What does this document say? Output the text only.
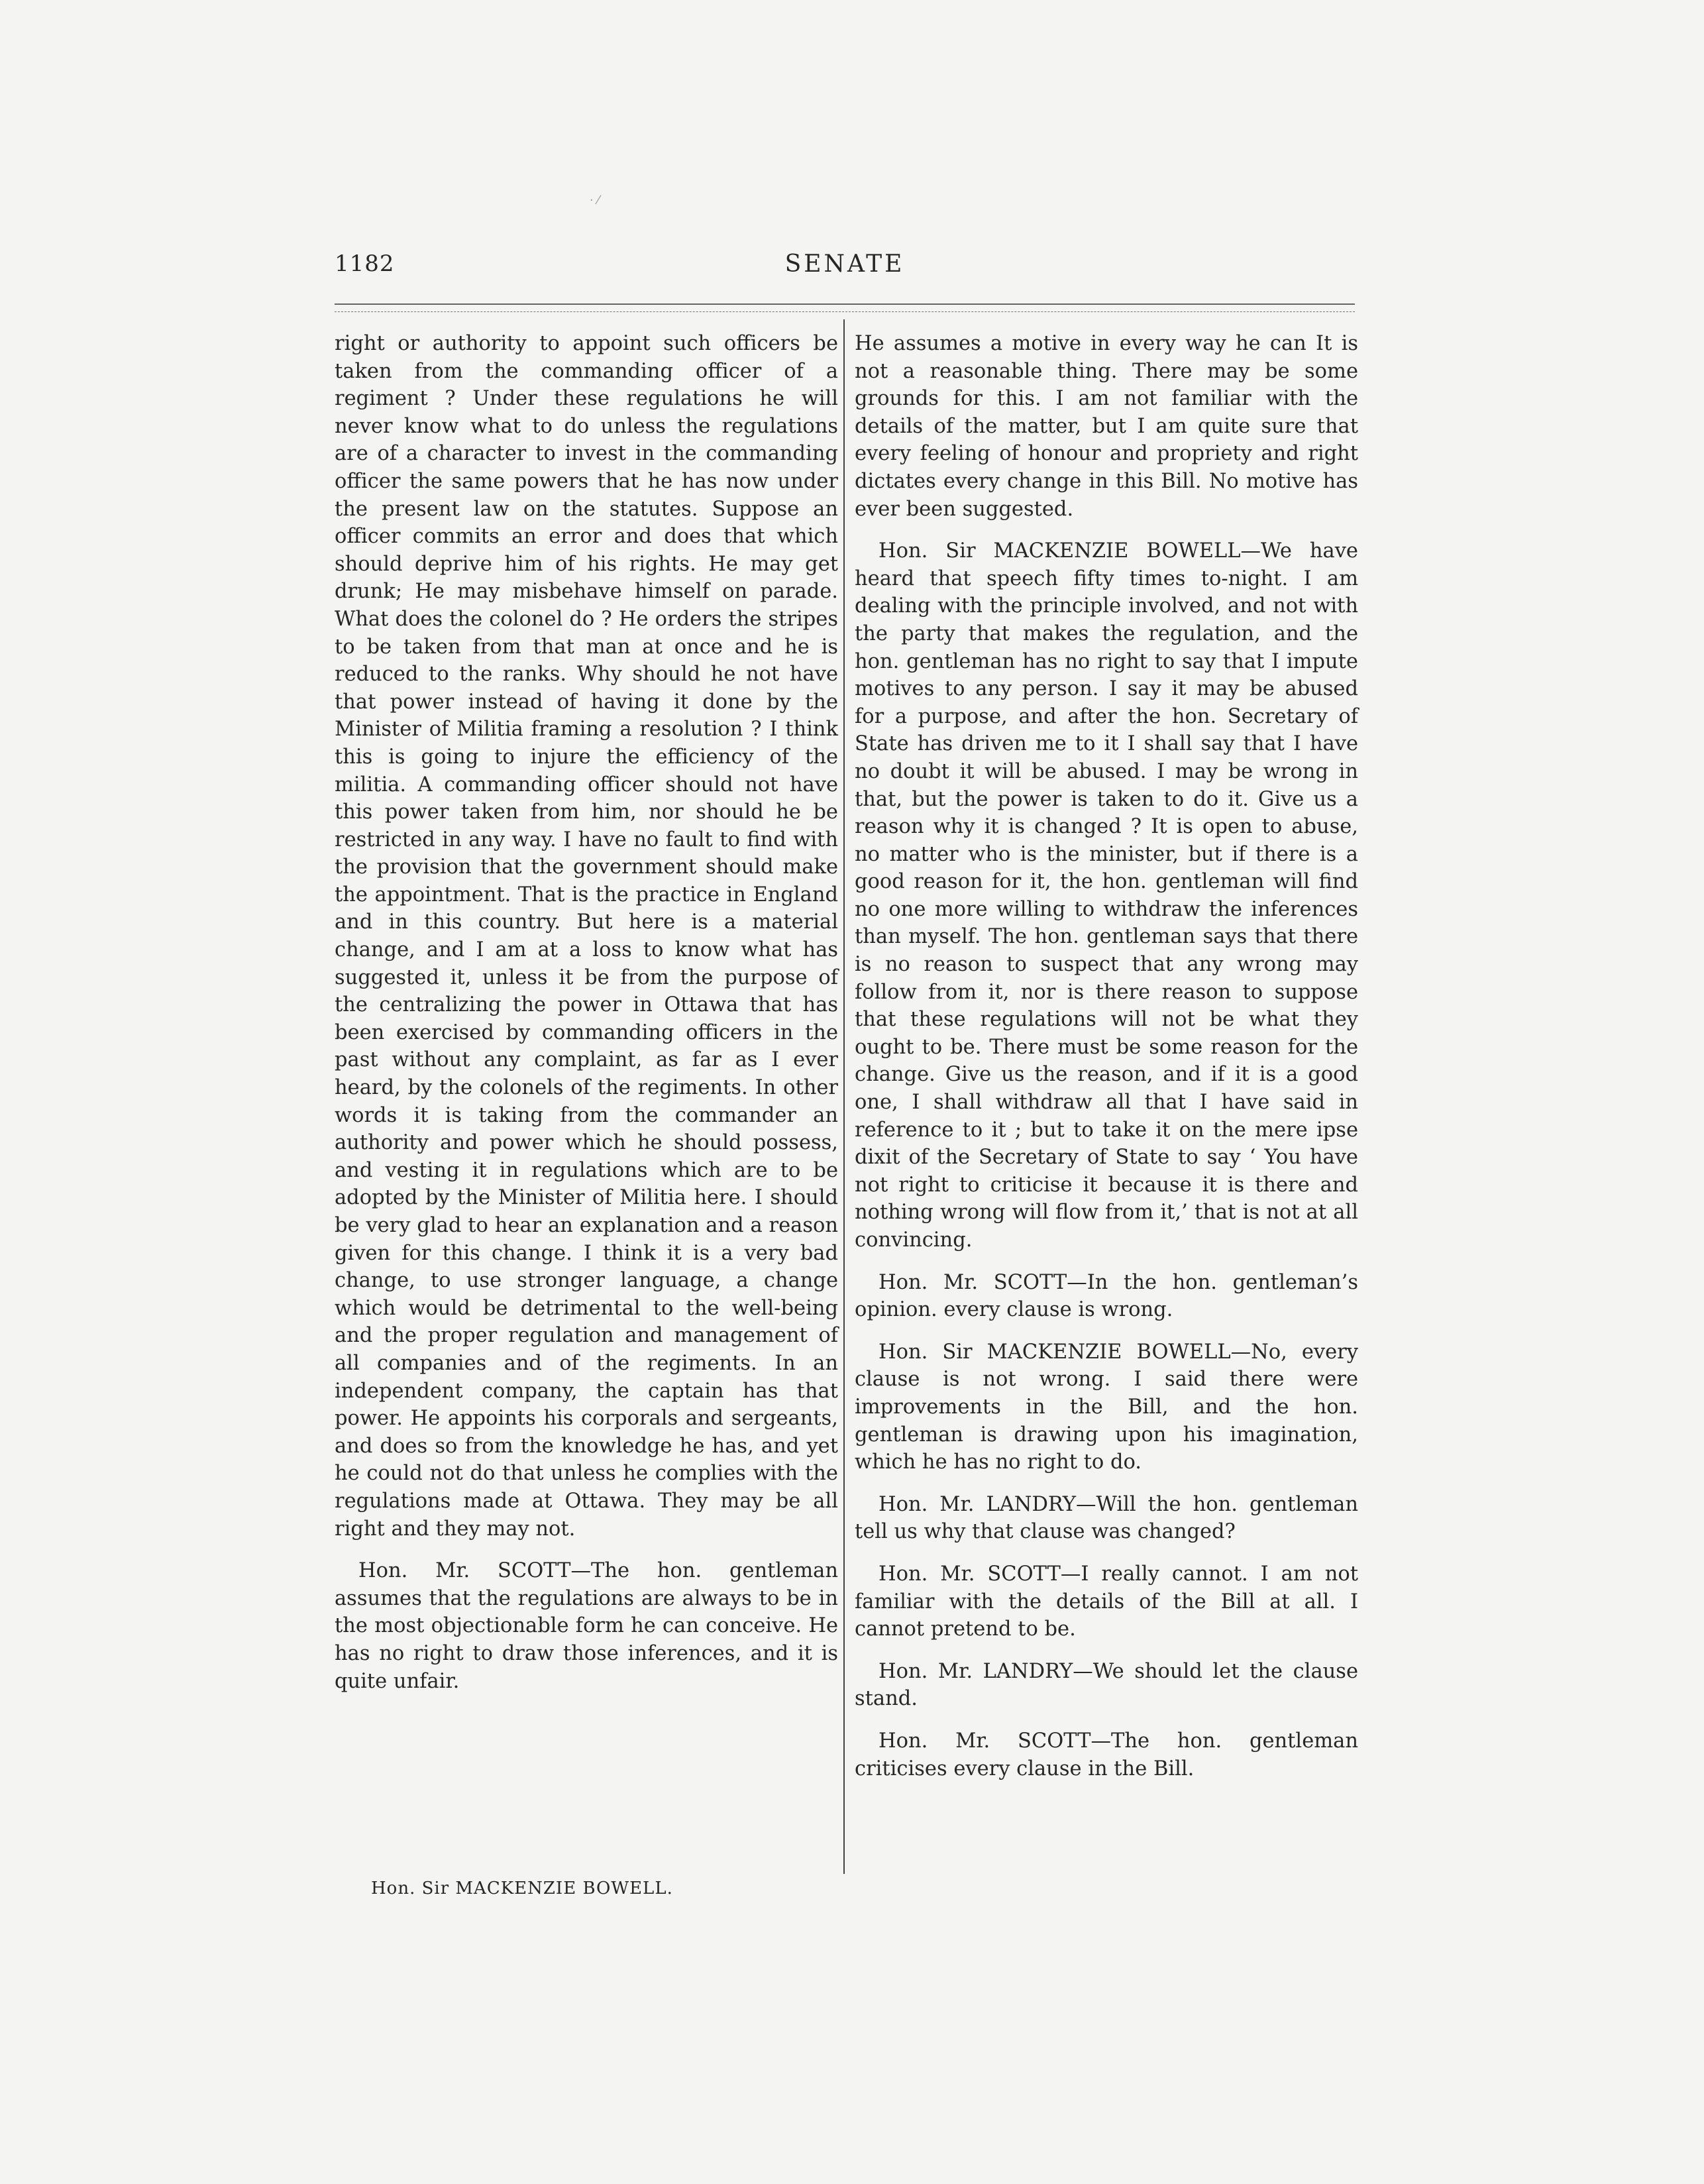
· ⁄
1182	SENATE

right or authority to appoint such officers be taken from the commanding officer of a regiment ? Under these regulations he will never know what to do unless the regulations are of a character to invest in the commanding officer the same powers that he has now under the present law on the statutes. Suppose an officer commits an error and does that which should deprive him of his rights. He may get drunk; He may misbehave himself on parade. What does the colonel do ? He orders the stripes to be taken from that man at once and he is reduced to the ranks. Why should he not have that power instead of having it done by the Minister of Militia framing a resolution ? I think this is going to injure the efficiency of the militia. A commanding officer should not have this power taken from him, nor should he be restricted in any way. I have no fault to find with the provision that the government should make the appointment. That is the practice in England and in this country. But here is a material change, and I am at a loss to know what has suggested it, unless it be from the purpose of the centralizing the power in Ottawa that has been exercised by commanding officers in the past without any complaint, as far as I ever heard, by the colonels of the regiments. In other words it is taking from the commander an authority and power which he should possess, and vesting it in regulations which are to be adopted by the Minister of Militia here. I should be very glad to hear an explanation and a reason given for this change. I think it is a very bad change, to use stronger language, a change which would be detrimental to the well-being and the proper regulation and management of all companies and of the regiments. In an independent company, the captain has that power. He appoints his corporals and sergeants, and does so from the knowledge he has, and yet he could not do that unless he complies with the regulations made at Ottawa. They may be all right and they may not.

Hon. Mr. SCOTT—The hon. gentleman assumes that the regulations are always to be in the most objectionable form he can conceive. He has no right to draw those inferences, and it is quite unfair.

He assumes a motive in every way he can It is not a reasonable thing. There may be some grounds for this. I am not familiar with the details of the matter, but I am quite sure that every feeling of honour and propriety and right dictates every change in this Bill. No motive has ever been suggested.

Hon. Sir MACKENZIE BOWELL—We have heard that speech fifty times to-night. I am dealing with the principle involved, and not with the party that makes the regulation, and the hon. gentleman has no right to say that I impute motives to any person. I say it may be abused for a purpose, and after the hon. Secretary of State has driven me to it I shall say that I have no doubt it will be abused. I may be wrong in that, but the power is taken to do it. Give us a reason why it is changed ? It is open to abuse, no matter who is the minister, but if there is a good reason for it, the hon. gentleman will find no one more willing to withdraw the inferences than myself. The hon. gentleman says that there is no reason to suspect that any wrong may follow from it, nor is there reason to suppose that these regulations will not be what they ought to be. There must be some reason for the change. Give us the reason, and if it is a good one, I shall withdraw all that I have said in reference to it ; but to take it on the mere ipse dixit of the Secretary of State to say ‘ You have not right to criticise it because it is there and nothing wrong will flow from it,’ that is not at all convincing.

Hon. Mr. SCOTT—In the hon. gentleman’s opinion. every clause is wrong.

Hon. Sir MACKENZIE BOWELL—No, every clause is not wrong. I said there were improvements in the Bill, and the hon. gentleman is drawing upon his imagination, which he has no right to do.

Hon. Mr. LANDRY—Will the hon. gentleman tell us why that clause was changed?

Hon. Mr. SCOTT—I really cannot. I am not familiar with the details of the Bill at all. I cannot pretend to be.

Hon. Mr. LANDRY—We should let the clause stand.

Hon. Mr. SCOTT—The hon. gentleman criticises every clause in the Bill.

Hon. Sir MACKENZIE BOWELL.
